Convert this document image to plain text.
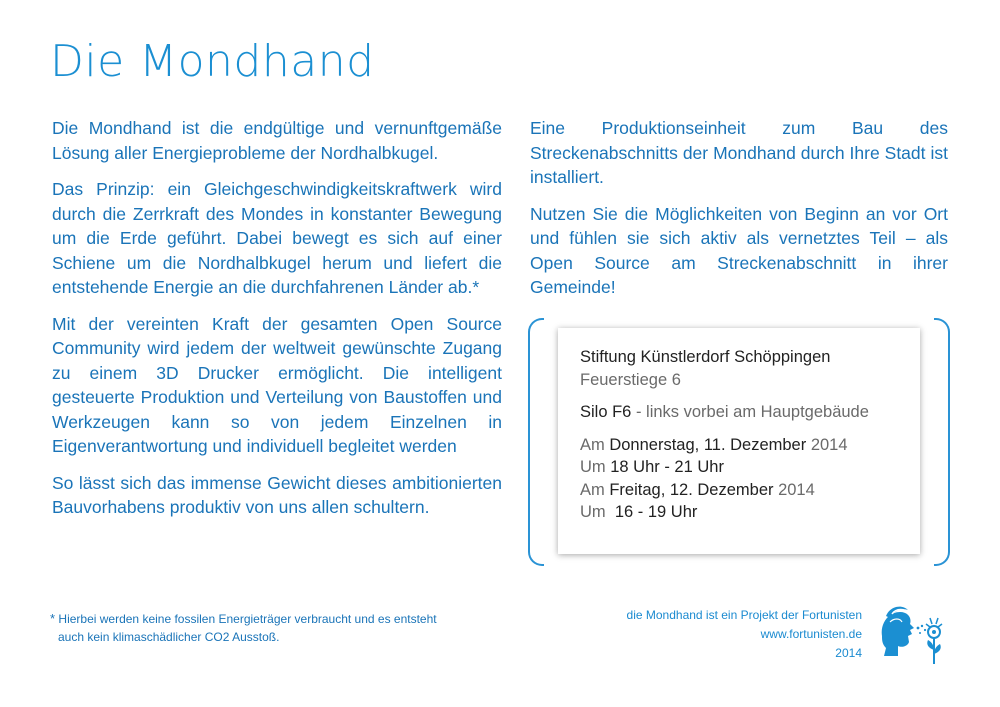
Die Mondhand

Die Mondhand ist die endgültige und vernunftgemäße Lösung aller Energieprobleme der Nordhalbkugel.

Das Prinzip: ein Gleichgeschwindigkeitskraftwerk wird durch die Zerrkraft des Mondes in konstanter Bewegung um die Erde geführt. Dabei bewegt es sich auf einer Schiene um die Nordhalbkugel herum und liefert die entstehende Energie an die durchfahrenen Länder ab.*

Mit der vereinten Kraft der gesamten Open Source Community wird jedem der weltweit gewünschte Zugang zu einem 3D Drucker ermöglicht. Die intelligent gesteuerte Produktion und Verteilung von Baustoffen und Werkzeugen kann so von jedem Einzelnen in Eigenverantwortung und individuell begleitet werden

So lässt sich das immense Gewicht dieses ambitionierten Bauvorhabens produktiv von uns allen schultern.

Eine Produktionseinheit zum Bau des Streckenabschnitts der Mondhand durch Ihre Stadt ist installiert.

Nutzen Sie die Möglichkeiten von Beginn an vor Ort und fühlen sie sich aktiv als vernetztes Teil – als Open Source am Streckenabschnitt in ihrer Gemeinde!

Stiftung Künstlerdorf Schöppingen
Feuerstiege 6
Silo F6 - links vorbei am Hauptgebäude
Am Donnerstag, 11. Dezember 2014
Um 18 Uhr - 21 Uhr
Am Freitag, 12. Dezember 2014
Um  16 - 19 Uhr
* Hierbei werden keine fossilen Energieträger verbraucht und es entsteht
auch kein klimaschädlicher CO2 Ausstoß.
die Mondhand ist ein Projekt der Fortunisten
www.fortunisten.de
2014
